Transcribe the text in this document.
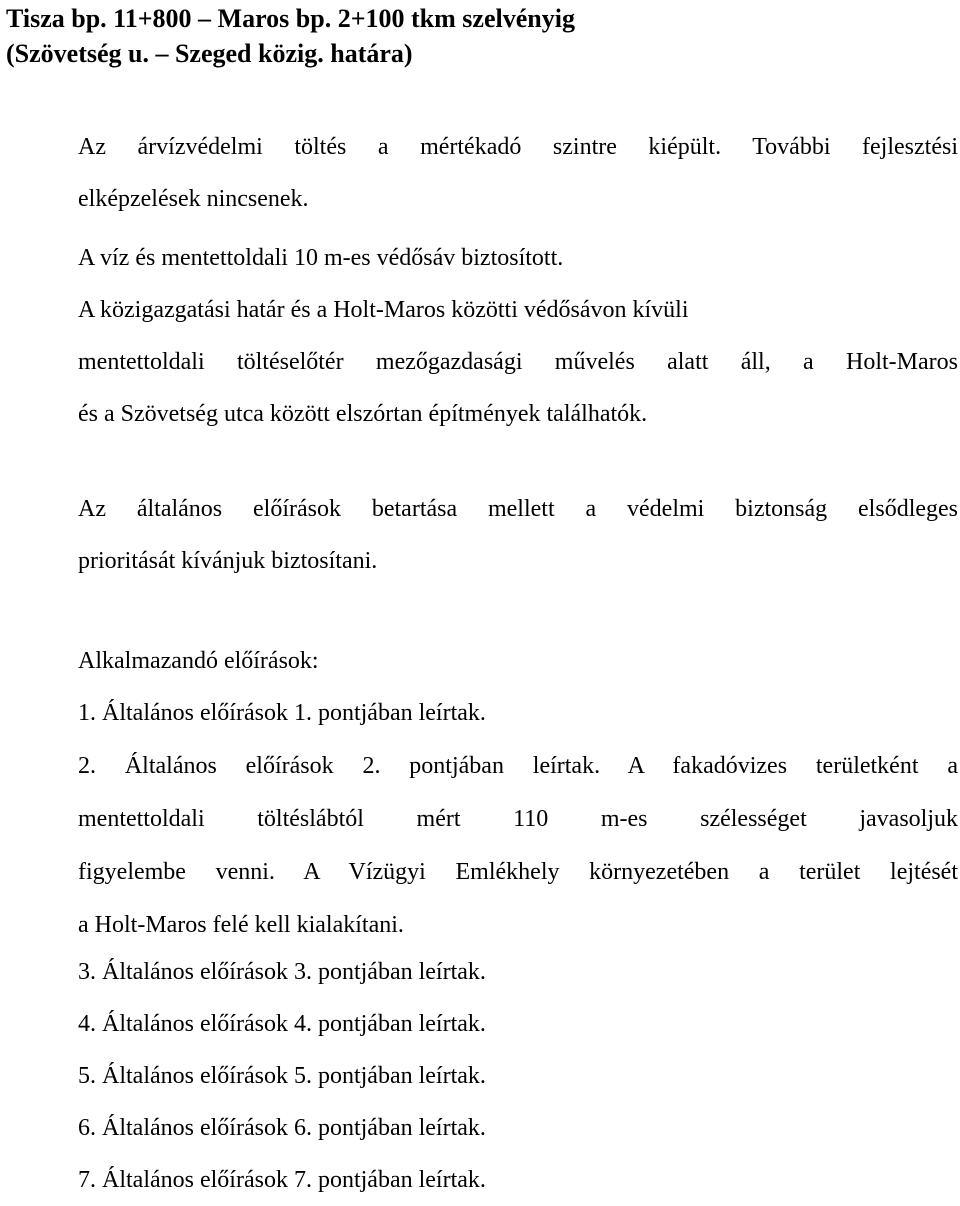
Tisza bp. 11+800 – Maros bp. 2+100 tkm szelvényig
(Szövetség u. – Szeged közig. határa)
Az árvízvédelmi töltés a mértékadó szintre kiépült. További fejlesztési
elképzelések nincsenek.
A víz és mentettoldali 10 m-es védősáv biztosított.
A közigazgatási határ és a Holt-Maros közötti védősávon kívüli
mentettoldali töltéselőtér mezőgazdasági művelés alatt áll, a Holt-Maros
és a Szövetség utca között elszórtan építmények találhatók.
Az általános előírások betartása mellett a védelmi biztonság elsődleges
prioritását kívánjuk biztosítani.
Alkalmazandó előírások:
1. Általános előírások 1. pontjában leírtak.
2. Általános előírások 2. pontjában leírtak. A fakadóvizes területként a
mentettoldali töltéslábtól mért 110 m-es szélességet javasoljuk
figyelembe venni. A Vízügyi Emlékhely környezetében a terület lejtését
a Holt-Maros felé kell kialakítani.
3. Általános előírások 3. pontjában leírtak.
4. Általános előírások 4. pontjában leírtak.
5. Általános előírások 5. pontjában leírtak.
6. Általános előírások 6. pontjában leírtak.
7. Általános előírások 7. pontjában leírtak.
